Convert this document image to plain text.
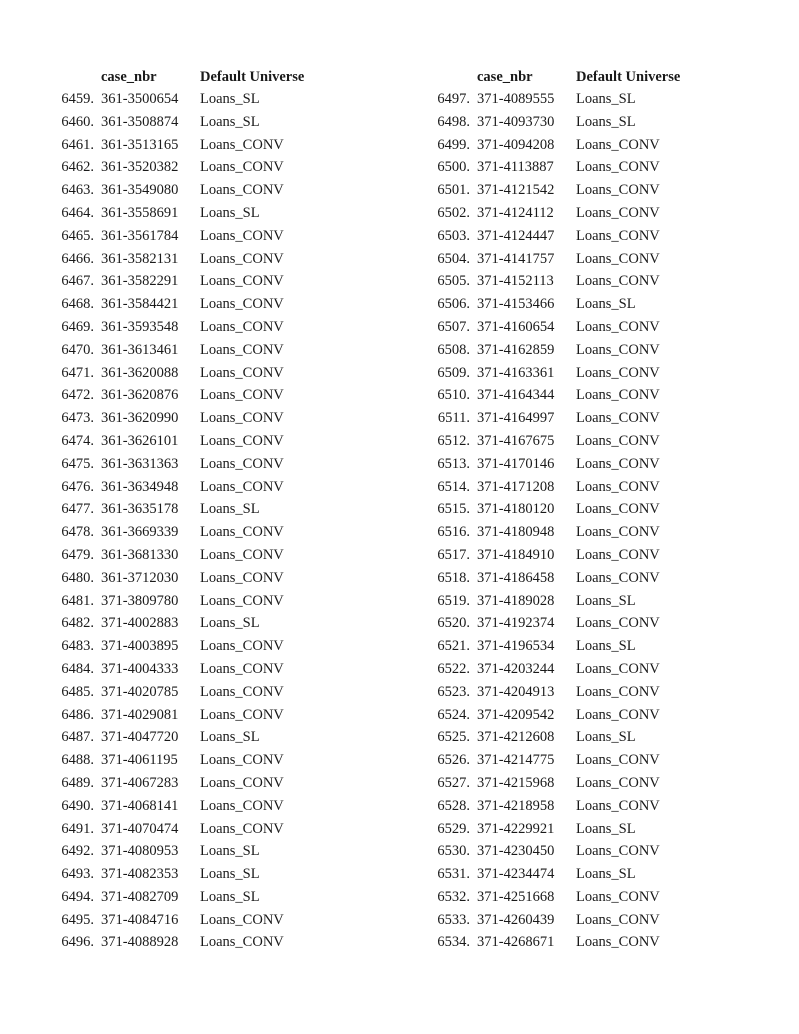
case_nbr	Default Universe
6459. 361-3500654 Loans_SL
6460. 361-3508874 Loans_SL
6461. 361-3513165 Loans_CONV
6462. 361-3520382 Loans_CONV
6463. 361-3549080 Loans_CONV
6464. 361-3558691 Loans_SL
6465. 361-3561784 Loans_CONV
6466. 361-3582131 Loans_CONV
6467. 361-3582291 Loans_CONV
6468. 361-3584421 Loans_CONV
6469. 361-3593548 Loans_CONV
6470. 361-3613461 Loans_CONV
6471. 361-3620088 Loans_CONV
6472. 361-3620876 Loans_CONV
6473. 361-3620990 Loans_CONV
6474. 361-3626101 Loans_CONV
6475. 361-3631363 Loans_CONV
6476. 361-3634948 Loans_CONV
6477. 361-3635178 Loans_SL
6478. 361-3669339 Loans_CONV
6479. 361-3681330 Loans_CONV
6480. 361-3712030 Loans_CONV
6481. 371-3809780 Loans_CONV
6482. 371-4002883 Loans_SL
6483. 371-4003895 Loans_CONV
6484. 371-4004333 Loans_CONV
6485. 371-4020785 Loans_CONV
6486. 371-4029081 Loans_CONV
6487. 371-4047720 Loans_SL
6488. 371-4061195 Loans_CONV
6489. 371-4067283 Loans_CONV
6490. 371-4068141 Loans_CONV
6491. 371-4070474 Loans_CONV
6492. 371-4080953 Loans_SL
6493. 371-4082353 Loans_SL
6494. 371-4082709 Loans_SL
6495. 371-4084716 Loans_CONV
6496. 371-4088928 Loans_CONV
case_nbr	Default Universe
6497. 371-4089555 Loans_SL
6498. 371-4093730 Loans_SL
6499. 371-4094208 Loans_CONV
6500. 371-4113887 Loans_CONV
6501. 371-4121542 Loans_CONV
6502. 371-4124112 Loans_CONV
6503. 371-4124447 Loans_CONV
6504. 371-4141757 Loans_CONV
6505. 371-4152113 Loans_CONV
6506. 371-4153466 Loans_SL
6507. 371-4160654 Loans_CONV
6508. 371-4162859 Loans_CONV
6509. 371-4163361 Loans_CONV
6510. 371-4164344 Loans_CONV
6511. 371-4164997 Loans_CONV
6512. 371-4167675 Loans_CONV
6513. 371-4170146 Loans_CONV
6514. 371-4171208 Loans_CONV
6515. 371-4180120 Loans_CONV
6516. 371-4180948 Loans_CONV
6517. 371-4184910 Loans_CONV
6518. 371-4186458 Loans_CONV
6519. 371-4189028 Loans_SL
6520. 371-4192374 Loans_CONV
6521. 371-4196534 Loans_SL
6522. 371-4203244 Loans_CONV
6523. 371-4204913 Loans_CONV
6524. 371-4209542 Loans_CONV
6525. 371-4212608 Loans_SL
6526. 371-4214775 Loans_CONV
6527. 371-4215968 Loans_CONV
6528. 371-4218958 Loans_CONV
6529. 371-4229921 Loans_SL
6530. 371-4230450 Loans_CONV
6531. 371-4234474 Loans_SL
6532. 371-4251668 Loans_CONV
6533. 371-4260439 Loans_CONV
6534. 371-4268671 Loans_CONV
